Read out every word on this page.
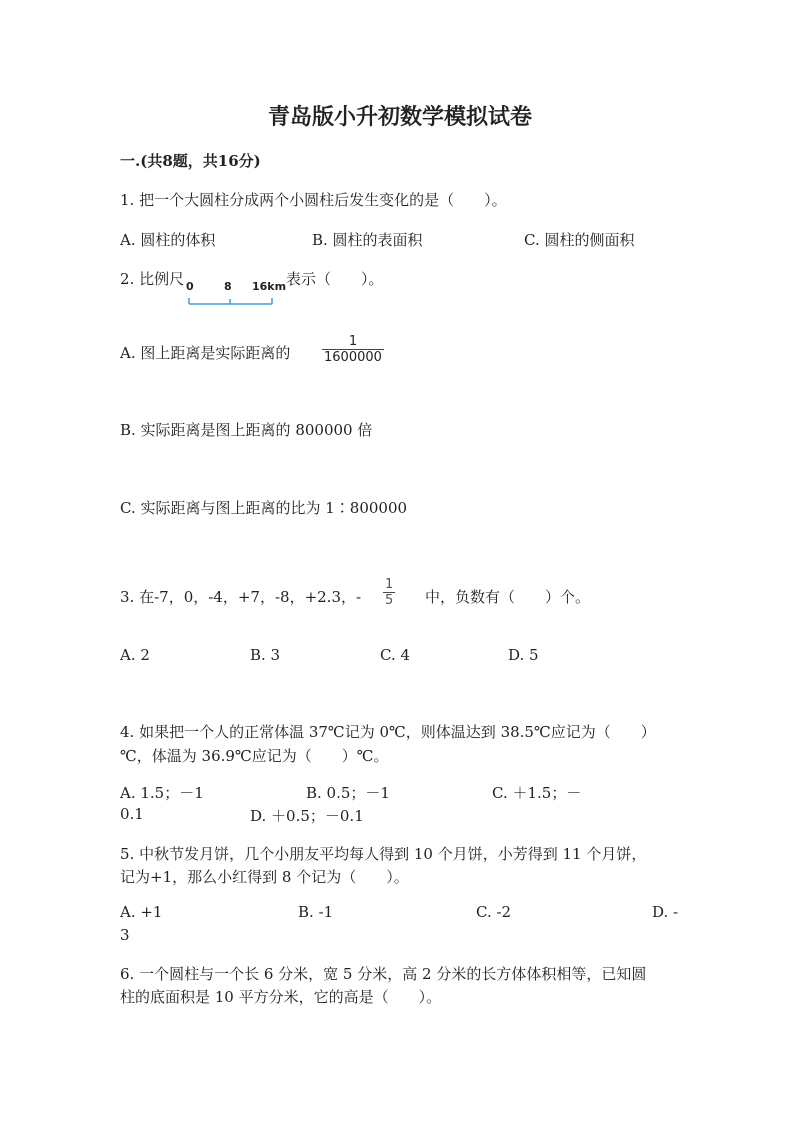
青岛版小升初数学模拟试卷
一.(共8题，共16分)
1. 把一个大圆柱分成两个小圆柱后发生变化的是（　　）。
A. 圆柱的体积	B. 圆柱的表面积	C. 圆柱的侧面积
2. 比例尺 0	8 16km 表示（　　）。
A. 图上距离是实际距离的 $\frac{1}{1600000}$
B. 实际距离是图上距离的 800000 倍
C. 实际距离与图上距离的比为 1∶800000
3. 在-7，0，-4，+7，-8，+2.3，- $\frac{1}{5}$ 中，负数有（　　）个。
A. 2	B. 3	C. 4	D. 5
4. 如果把一个人的正常体温 37℃记为 0℃，则体温达到 38.5℃应记为（　　）
℃，体温为 36.9℃应记为（　　）℃。
A. 1.5；－1	B. 0.5；－1	C. ＋1.5；－
0.1	D. ＋0.5；－0.1
5. 中秋节发月饼，几个小朋友平均每人得到 10 个月饼，小芳得到 11 个月饼，
记为+1，那么小红得到 8 个记为（　　）。
A. +1	B. -1	C. -2	D. -
3
6. 一个圆柱与一个长 6 分米，宽 5 分米，高 2 分米的长方体体积相等，已知圆
柱的底面积是 10 平方分米，它的高是（　　）。
